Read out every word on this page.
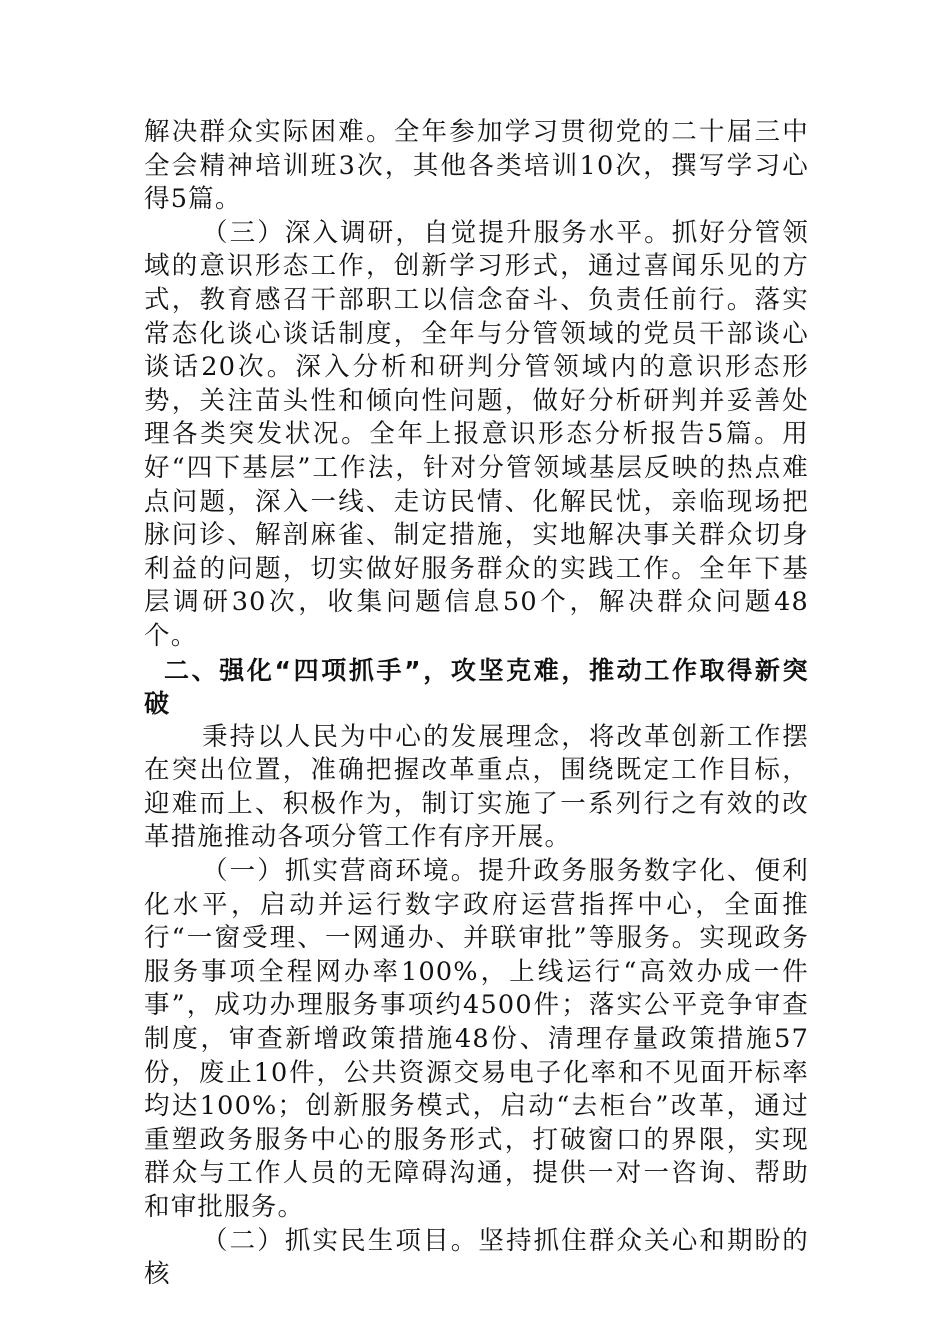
解决群众实际困难。全年参加学习贯彻党的二十届三中全会精神培训班3次，其他各类培训10次，撰写学习心得5篇。

（三）深入调研，自觉提升服务水平。抓好分管领域的意识形态工作，创新学习形式，通过喜闻乐见的方式，教育感召干部职工以信念奋斗、负责任前行。落实常态化谈心谈话制度，全年与分管领域的党员干部谈心谈话20次。深入分析和研判分管领域内的意识形态形势，关注苗头性和倾向性问题，做好分析研判并妥善处理各类突发状况。全年上报意识形态分析报告5篇。用好“四下基层”工作法，针对分管领域基层反映的热点难点问题，深入一线、走访民情、化解民忧，亲临现场把脉问诊、解剖麻雀、制定措施，实地解决事关群众切身利益的问题，切实做好服务群众的实践工作。全年下基层调研30次，收集问题信息50个，解决群众问题48个。

二、强化“四项抓手”，攻坚克难，推动工作取得新突破

秉持以人民为中心的发展理念，将改革创新工作摆在突出位置，准确把握改革重点，围绕既定工作目标，迎难而上、积极作为，制订实施了一系列行之有效的改革措施推动各项分管工作有序开展。

（一）抓实营商环境。提升政务服务数字化、便利化水平，启动并运行数字政府运营指挥中心，全面推行“一窗受理、一网通办、并联审批”等服务。实现政务服务事项全程网办率100%，上线运行“高效办成一件事”，成功办理服务事项约4500件；落实公平竞争审查制度，审查新增政策措施48份、清理存量政策措施57份，废止10件，公共资源交易电子化率和不见面开标率均达100%；创新服务模式，启动“去柜台”改革，通过重塑政务服务中心的服务形式，打破窗口的界限，实现群众与工作人员的无障碍沟通，提供一对一咨询、帮助和审批服务。

（二）抓实民生项目。坚持抓住群众关心和期盼的核
